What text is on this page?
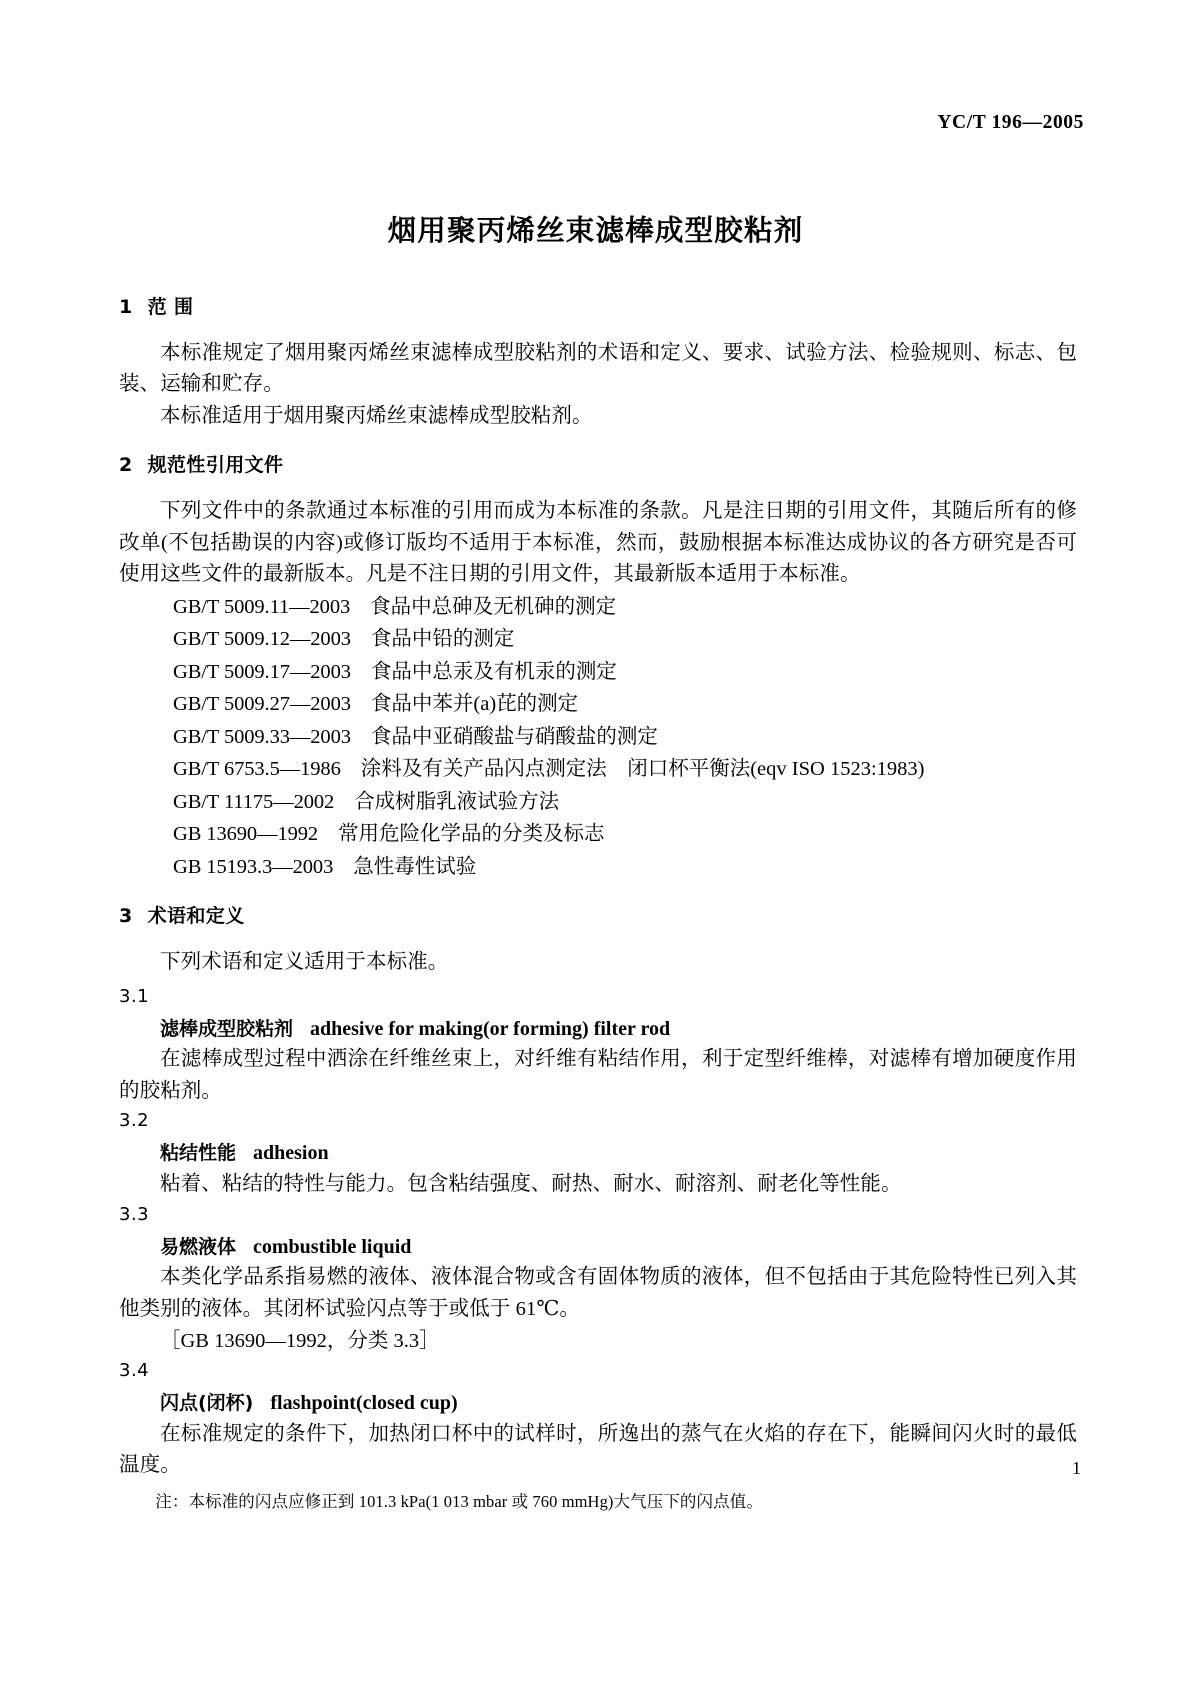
YC/T 196—2005
烟用聚丙烯丝束滤棒成型胶粘剂
1 范 围

本标准规定了烟用聚丙烯丝束滤棒成型胶粘剂的术语和定义、要求、试验方法、检验规则、标志、包装、运输和贮存。

本标准适用于烟用聚丙烯丝束滤棒成型胶粘剂。

2 规范性引用文件

下列文件中的条款通过本标准的引用而成为本标准的条款。凡是注日期的引用文件，其随后所有的修改单(不包括勘误的内容)或修订版均不适用于本标准，然而，鼓励根据本标准达成协议的各方研究是否可使用这些文件的最新版本。凡是不注日期的引用文件，其最新版本适用于本标准。

GB/T 5009.11—2003 食品中总砷及无机砷的测定
GB/T 5009.12—2003 食品中铅的测定
GB/T 5009.17—2003 食品中总汞及有机汞的测定
GB/T 5009.27—2003 食品中苯并(a)芘的测定
GB/T 5009.33—2003 食品中亚硝酸盐与硝酸盐的测定
GB/T 6753.5—1986 涂料及有关产品闪点测定法　闭口杯平衡法(eqv ISO 1523:1983)
GB/T 11175—2002 合成树脂乳液试验方法
GB 13690—1992 常用危险化学品的分类及标志
GB 15193.3—2003 急性毒性试验
3 术语和定义

下列术语和定义适用于本标准。

3.1

滤棒成型胶粘剂 adhesive for making(or forming) filter rod

在滤棒成型过程中洒涂在纤维丝束上，对纤维有粘结作用，利于定型纤维棒，对滤棒有增加硬度作用的胶粘剂。

3.2

粘结性能 adhesion

粘着、粘结的特性与能力。包含粘结强度、耐热、耐水、耐溶剂、耐老化等性能。

3.3

易燃液体 combustible liquid

本类化学品系指易燃的液体、液体混合物或含有固体物质的液体，但不包括由于其危险特性已列入其他类别的液体。其闭杯试验闪点等于或低于 61℃。

［GB 13690—1992，分类 3.3］

3.4

闪点(闭杯) flashpoint(closed cup)

在标准规定的条件下，加热闭口杯中的试样时，所逸出的蒸气在火焰的存在下，能瞬间闪火时的最低温度。

注：本标准的闪点应修正到 101.3 kPa(1 013 mbar 或 760 mmHg)大气压下的闪点值。

1
